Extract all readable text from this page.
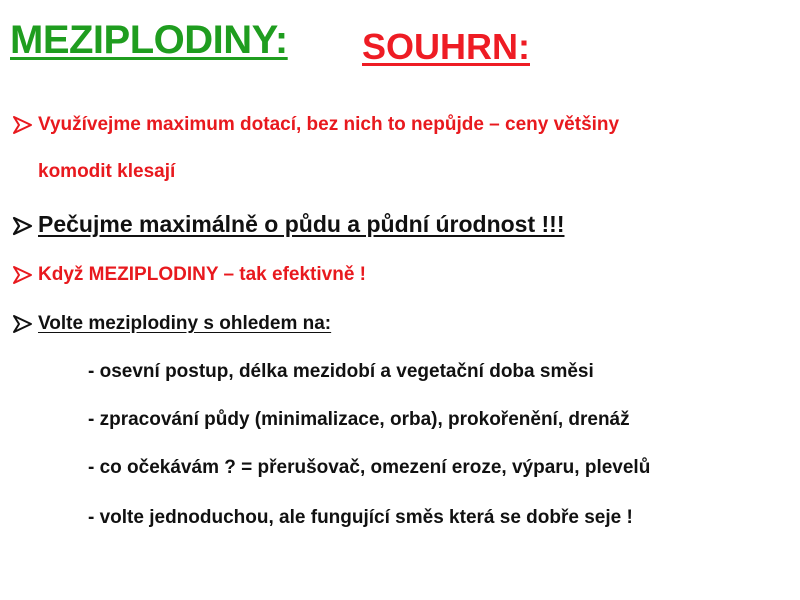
MEZIPLODINY: SOUHRN:
Využívejme maximum dotací, bez nich to nepůjde – ceny většiny
komodit klesají
Pečujme maximálně o půdu a půdní úrodnost !!!
Když MEZIPLODINY – tak efektivně !
Volte meziplodiny s ohledem na:
- osevní postup, délka mezidobí a vegetační doba směsi
- zpracování půdy (minimalizace, orba), prokořenění, drenáž
- co očekávám ? = přerušovač, omezení eroze, výparu, plevelů
- volte jednoduchou, ale fungující směs která se dobře seje !
